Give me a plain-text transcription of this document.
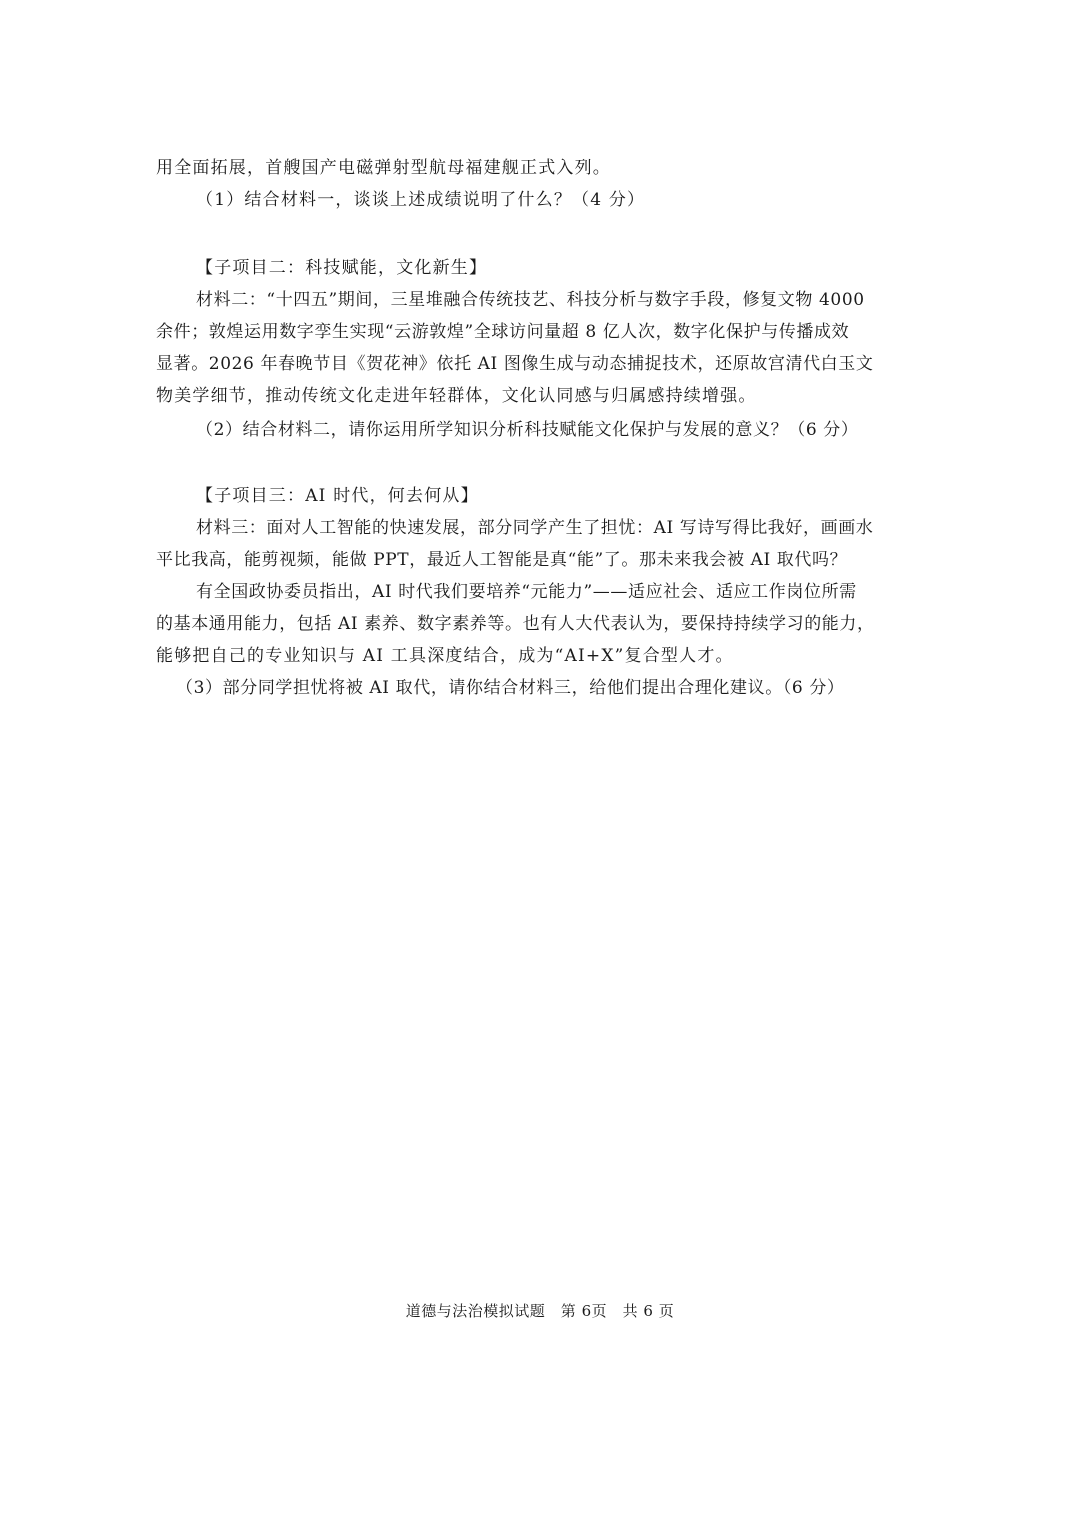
用全面拓展，首艘国产电磁弹射型航母福建舰正式入列。
（1）结合材料一，谈谈上述成绩说明了什么？（4 分）
【子项目二：科技赋能，文化新生】
材料二：“十四五”期间，三星堆融合传统技艺、科技分析与数字手段，修复文物 4000
余件；敦煌运用数字孪生实现“云游敦煌”全球访问量超 8 亿人次，数字化保护与传播成效
显著。2026 年春晚节目《贺花神》依托 AI 图像生成与动态捕捉技术，还原故宫清代白玉文
物美学细节，推动传统文化走进年轻群体，文化认同感与归属感持续增强。
（2）结合材料二，请你运用所学知识分析科技赋能文化保护与发展的意义？（6 分）
【子项目三：AI 时代，何去何从】
材料三：面对人工智能的快速发展，部分同学产生了担忧：AI 写诗写得比我好，画画水
平比我高，能剪视频，能做 PPT，最近人工智能是真“能”了。那未来我会被 AI 取代吗？
有全国政协委员指出，AI 时代我们要培养“元能力”——适应社会、适应工作岗位所需
的基本通用能力，包括 AI 素养、数字素养等。也有人大代表认为，要保持持续学习的能力，
能够把自己的专业知识与 AI 工具深度结合，成为“AI+X”复合型人才。
（3）部分同学担忧将被 AI 取代，请你结合材料三，给他们提出合理化建议。（6 分）
道德与法治模拟试题　第 6页　共 6 页
